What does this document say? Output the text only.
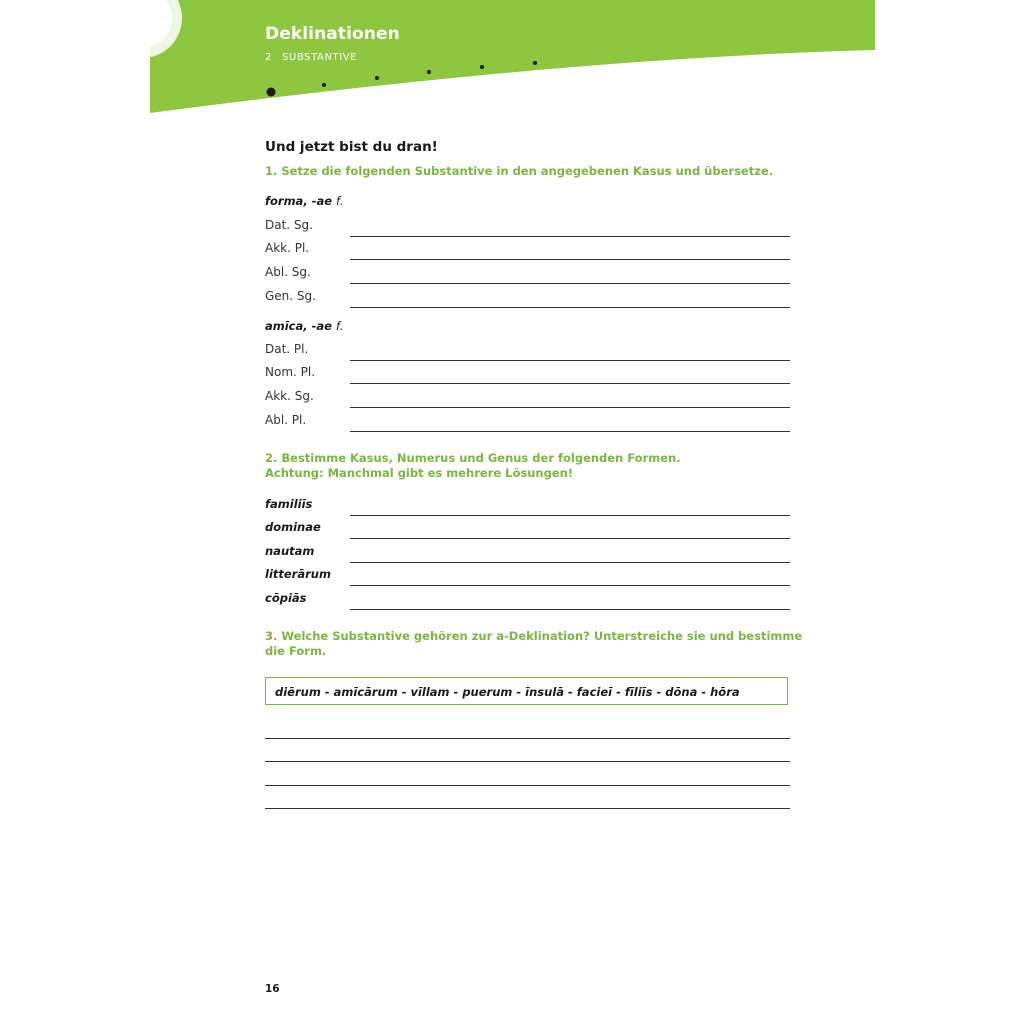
Deklinationen
2 SUBSTANTIVE
Und jetzt bist du dran!

1. Setze die folgenden Substantive in den angegebenen Kasus und übersetze.

forma, -ae f.
Dat. Sg.
Akk. Pl.
Abl. Sg.
Gen. Sg.
amīca, -ae f.
Dat. Pl.
Nom. Pl.
Akk. Sg.
Abl. Pl.

2. Bestimme Kasus, Numerus und Genus der folgenden Formen.
Achtung: Manchmal gibt es mehrere Lösungen!

familiīs
dominae
nautam
litterārum
cōpiās

3. Welche Substantive gehören zur a-Deklination? Unterstreiche sie und bestimme
die Form.

diērum - amīcārum - vīllam - puerum - īnsulā - facieī - fīliīs - dōna - hōra
16
